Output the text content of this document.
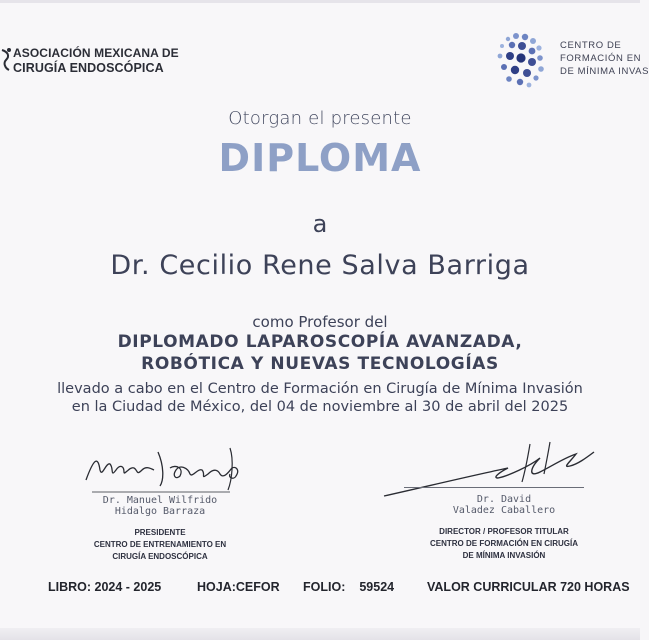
ASOCIACIÓN MEXICANA DE
CIRUGÍA ENDOSCÓPICA
CENTRO DE
FORMACIÓN EN
DE MÍNIMA INVAS
Otorgan el presente
DIPLOMA
a
Dr. Cecilio Rene Salva Barriga
como Profesor del
DIPLOMADO LAPAROSCOPÍA AVANZADA,
ROBÓTICA Y NUEVAS TECNOLOGÍAS
llevado a cabo en el Centro de Formación en Cirugía de Mínima Invasión
en la Ciudad de México, del 04 de noviembre al 30 de abril del 2025
Dr. Manuel Wilfrido
Hidalgo Barraza
PRESIDENTE
CENTRO DE ENTRENAMIENTO EN
CIRUGÍA ENDOSCÓPICA
Dr. David
Valadez Caballero
DIRECTOR / PROFESOR TITULAR
CENTRO DE FORMACIÓN EN CIRUGÍA
DE MÍNIMA INVASIÓN
LIBRO: 2024 - 2025	HOJA:CEFOR FOLIO: 59524	VALOR CURRICULAR 720 HORAS
